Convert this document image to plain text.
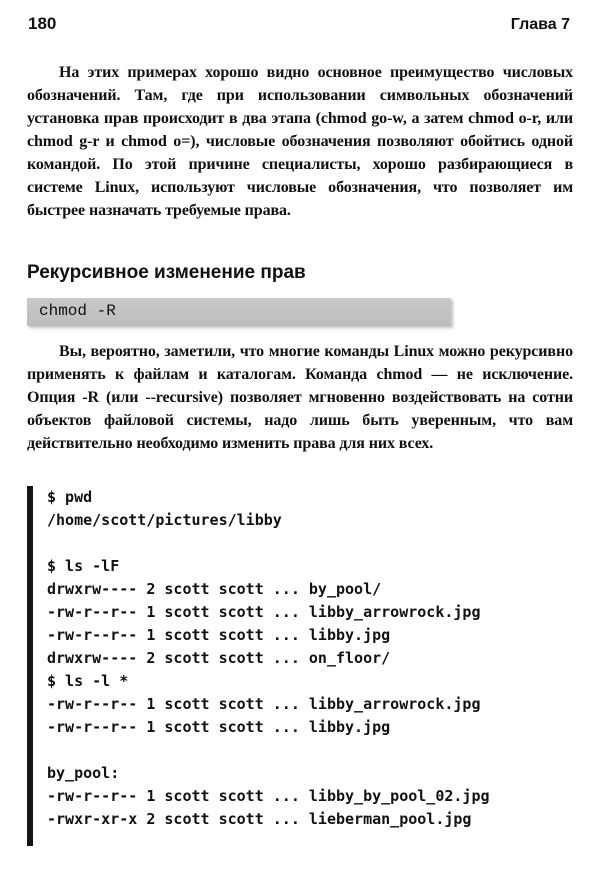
180	Глава 7

На этих примерах хорошо видно основное преимущество числовых обозначений. Там, где при использовании символьных обозначений установка прав происходит в два этапа (chmod go-w, а затем chmod o-r, или chmod g-r и chmod o=), числовые обозначения позволяют обойтись одной командой. По этой причине специалисты, хорошо разбирающиеся в системе Linux, используют числовые обозначения, что позволяет им быстрее назначать требуемые права.

Рекурсивное изменение прав
chmod -R

Вы, вероятно, заметили, что многие команды Linux можно рекурсивно применять к файлам и каталогам. Команда chmod — не исключение. Опция -R (или --recursive) позволяет мгновенно воздействовать на сотни объектов файловой системы, надо лишь быть уверенным, что вам действительно необходимо изменить права для них всех.

$ pwd
/home/scott/pictures/libby
$ ls -lF
drwxrw---- 2 scott scott ... by_pool/
-rw-r--r-- 1 scott scott ... libby_arrowrock.jpg
-rw-r--r-- 1 scott scott ... libby.jpg
drwxrw---- 2 scott scott ... on_floor/
$ ls -l *
-rw-r--r-- 1 scott scott ... libby_arrowrock.jpg
-rw-r--r-- 1 scott scott ... libby.jpg
by_pool:
-rw-r--r-- 1 scott scott ... libby_by_pool_02.jpg
-rwxr-xr-x 2 scott scott ... lieberman_pool.jpg
